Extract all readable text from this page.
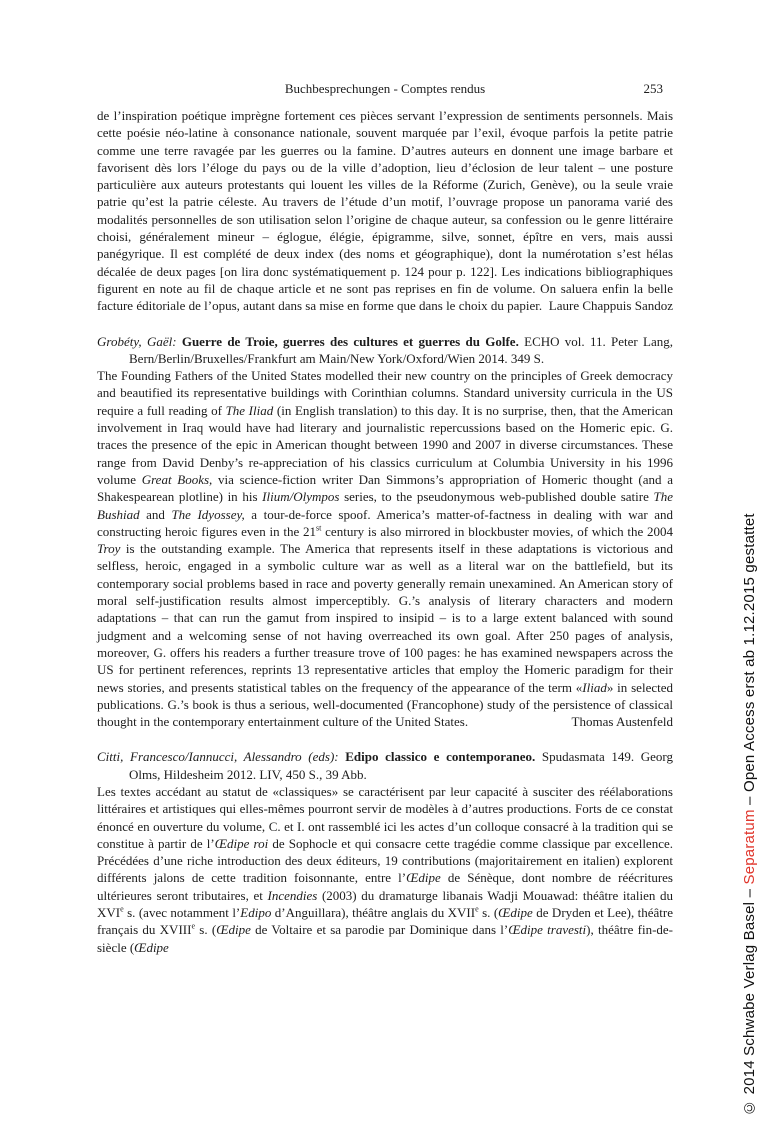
Buchbesprechungen - Comptes rendus	253

de l’inspiration poétique imprègne fortement ces pièces servant l’expression de sentiments personnels. Mais cette poésie néo-latine à consonance nationale, souvent marquée par l’exil, évoque parfois la petite patrie comme une terre ravagée par les guerres ou la famine. D’autres auteurs en donnent une image barbare et favorisent dès lors l’éloge du pays ou de la ville d’adoption, lieu d’éclosion de leur talent – une posture particulière aux auteurs protestants qui louent les villes de la Réforme (Zurich, Genève), ou la seule vraie patrie qu’est la patrie céleste. Au travers de l’étude d’un motif, l’ouvrage propose un panorama varié des modalités personnelles de son utilisation selon l’origine de chaque auteur, sa confession ou le genre littéraire choisi, généralement mineur – églogue, élégie, épigramme, silve, sonnet, épître en vers, mais aussi panégyrique. Il est complété de deux index (des noms et géographique), dont la numérotation s’est hélas décalée de deux pages [on lira donc systématiquement p. 124 pour p. 122]. Les indications bibliographiques figurent en note au fil de chaque article et ne sont pas reprises en fin de volume. On saluera enfin la belle facture éditoriale de l’opus, autant dans sa mise en forme que dans le choix du papier. Laure Chappuis Sandoz

Grobéty, Gaël: Guerre de Troie, guerres des cultures et guerres du Golfe. ECHO vol. 11. Peter Lang, Bern/Berlin/Bruxelles/Frankfurt am Main/New York/Oxford/Wien 2014. 349 S.

The Founding Fathers of the United States modelled their new country on the principles of Greek democracy and beautified its representative buildings with Corinthian columns. Standard university curricula in the US require a full reading of The Iliad (in English translation) to this day. It is no surprise, then, that the American involvement in Iraq would have had literary and journalistic repercussions based on the Homeric epic. G. traces the presence of the epic in American thought between 1990 and 2007 in diverse circumstances. These range from David Denby’s re-appreciation of his classics curriculum at Columbia University in his 1996 volume Great Books, via science-fiction writer Dan Simmons’s appropriation of Homeric thought (and a Shakespearean plotline) in his Ilium/Olympos series, to the pseudonymous web-published double satire The Bushiad and The Idyossey, a tour-de-force spoof. America’s matter-of-factness in dealing with war and constructing heroic figures even in the 21st century is also mirrored in blockbuster movies, of which the 2004 Troy is the outstanding example. The America that represents itself in these adaptations is victorious and selfless, heroic, engaged in a symbolic culture war as well as a literal war on the battlefield, but its contemporary social problems based in race and poverty generally remain unexamined. An American story of moral self-justification results almost imperceptibly. G.’s analysis of literary characters and modern adaptations – that can run the gamut from inspired to insipid – is to a large extent balanced with sound judgment and a welcoming sense of not having overreached its own goal. After 250 pages of analysis, moreover, G. offers his readers a further treasure trove of 100 pages: he has examined newspapers across the US for pertinent references, reprints 13 representative articles that employ the Homeric paradigm for their news stories, and presents statistical tables on the frequency of the appearance of the term «Iliad» in selected publications. G.’s book is thus a serious, well-documented (Francophone) study of the persistence of classical thought in the contemporary entertainment culture of the United States.	Thomas Austenfeld

Citti, Francesco/Iannucci, Alessandro (eds): Edipo classico e contemporaneo. Spudasmata 149. Georg Olms, Hildesheim 2012. LIV, 450 S., 39 Abb.

Les textes accédant au statut de «classiques» se caractérisent par leur capacité à susciter des réélaborations littéraires et artistiques qui elles-mêmes pourront servir de modèles à d’autres productions. Forts de ce constat énoncé en ouverture du volume, C. et I. ont rassemblé ici les actes d’un colloque consacré à la tradition qui se constitue à partir de l’Œdipe roi de Sophocle et qui consacre cette tragédie comme classique par excellence. Précédées d’une riche introduction des deux éditeurs, 19 contributions (majoritairement en italien) explorent différents jalons de cette tradition foisonnante, entre l’Œdipe de Sénèque, dont nombre de réécritures ultérieures seront tributaires, et Incendies (2003) du dramaturge libanais Wadji Mouawad: théâtre italien du XVIe s. (avec notamment l’Edipo d’Anguillara), théâtre anglais du XVIIe s. (Œdipe de Dryden et Lee), théâtre français du XVIIIe s. (Œdipe de Voltaire et sa parodie par Dominique dans l’Œdipe travesti), théâtre fin-de-siècle (Œdipe	© 2014 Schwabe Verlag Basel – Separatum – Open Access erst ab 1.12.2015 gestattet
